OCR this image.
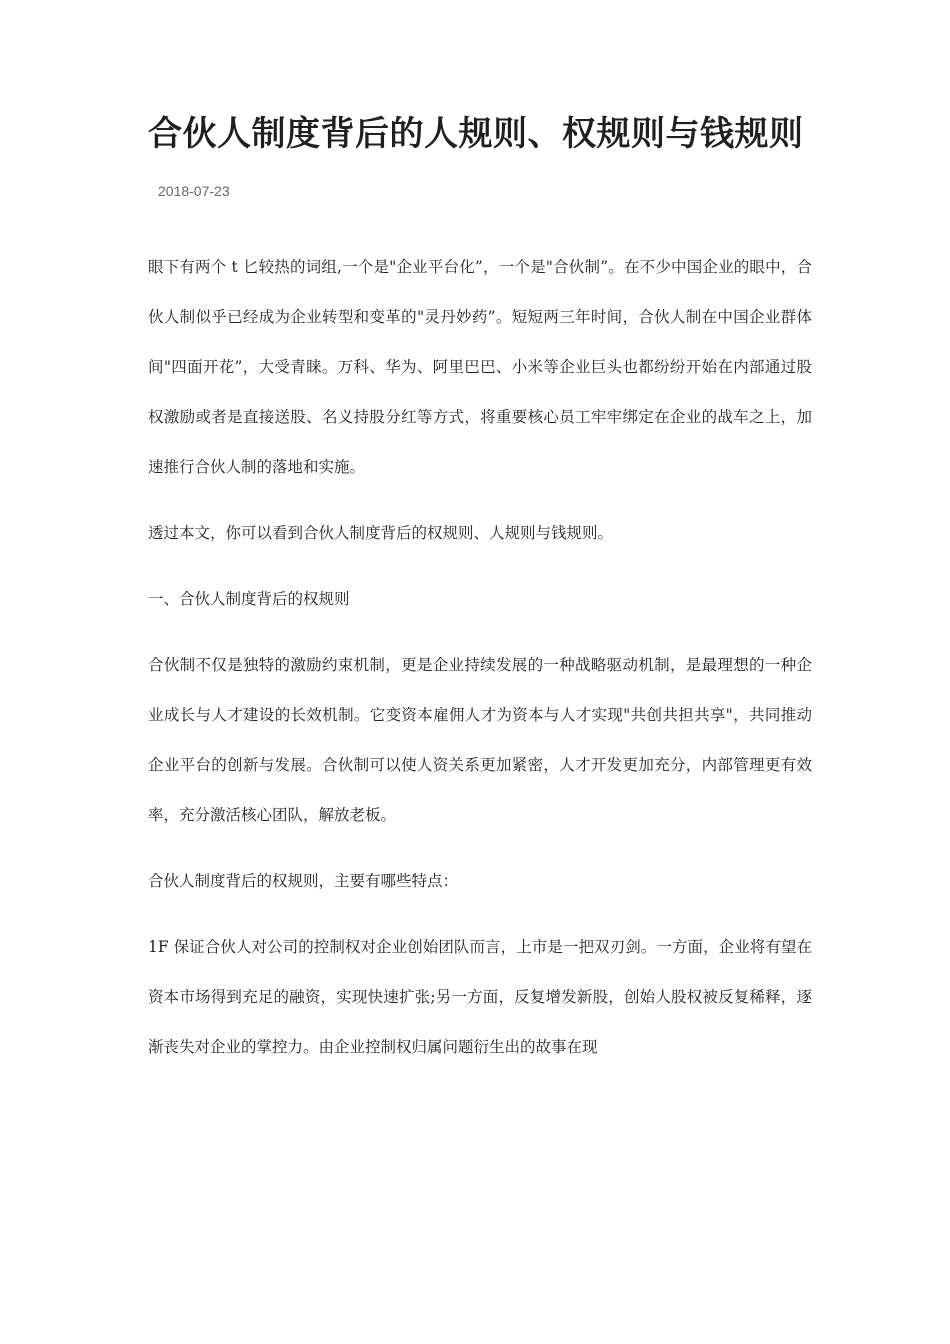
合伙人制度背后的人规则、权规则与钱规则
2018-07-23

眼下有两个 t 匕较热的词组,一个是"企业平台化”，一个是"合伙制”。在不少中国企业的眼中，合伙人制似乎已经成为企业转型和变革的"灵丹妙药”。短短两三年时间，合伙人制在中国企业群体间"四面开花”，大受青睐。万科、华为、阿里巴巴、小米等企业巨头也都纷纷开始在内部通过股权激励或者是直接送股、名义持股分红等方式，将重要核心员工牢牢绑定在企业的战车之上，加速推行合伙人制的落地和实施。

透过本文，你可以看到合伙人制度背后的权规则、人规则与钱规则。

一、合伙人制度背后的权规则

合伙制不仅是独特的激励约束机制，更是企业持续发展的一种战略驱动机制，是最理想的一种企业成长与人才建设的长效机制。它变资本雇佣人才为资本与人才实现"共创共担共享"，共同推动企业平台的创新与发展。合伙制可以使人资关系更加紧密，人才开发更加充分，内部管理更有效率，充分激活核心团队，解放老板。

合伙人制度背后的权规则，主要有哪些特点：

1F 保证合伙人对公司的控制权对企业创始团队而言，上市是一把双刃剑。一方面，企业将有望在资本市场得到充足的融资，实现快速扩张;另一方面，反复增发新股，创始人股权被反复稀释，逐渐丧失对企业的掌控力。由企业控制权归属问题衍生出的故事在现
